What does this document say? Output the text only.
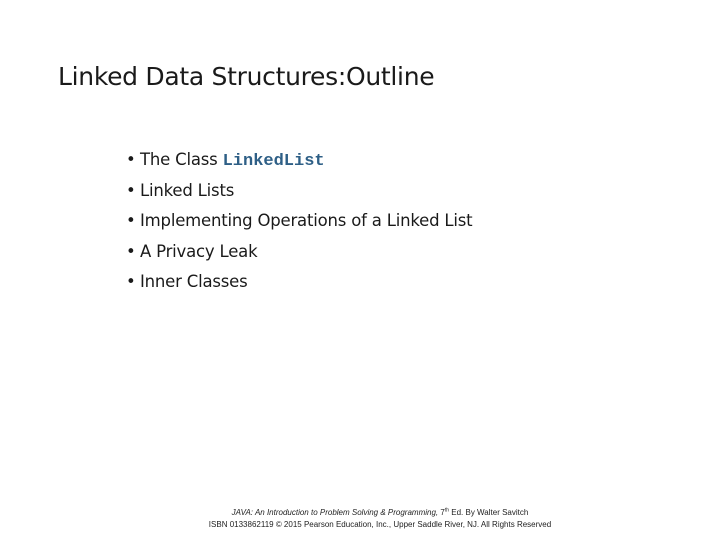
Linked Data Structures:Outline
• The Class LinkedList
• Linked Lists
• Implementing Operations of a Linked List
• A Privacy Leak
• Inner Classes
JAVA: An Introduction to Problem Solving & Programming, 7th Ed. By Walter Savitch
ISBN 0133862119 © 2015 Pearson Education, Inc., Upper Saddle River, NJ. All Rights Reserved
